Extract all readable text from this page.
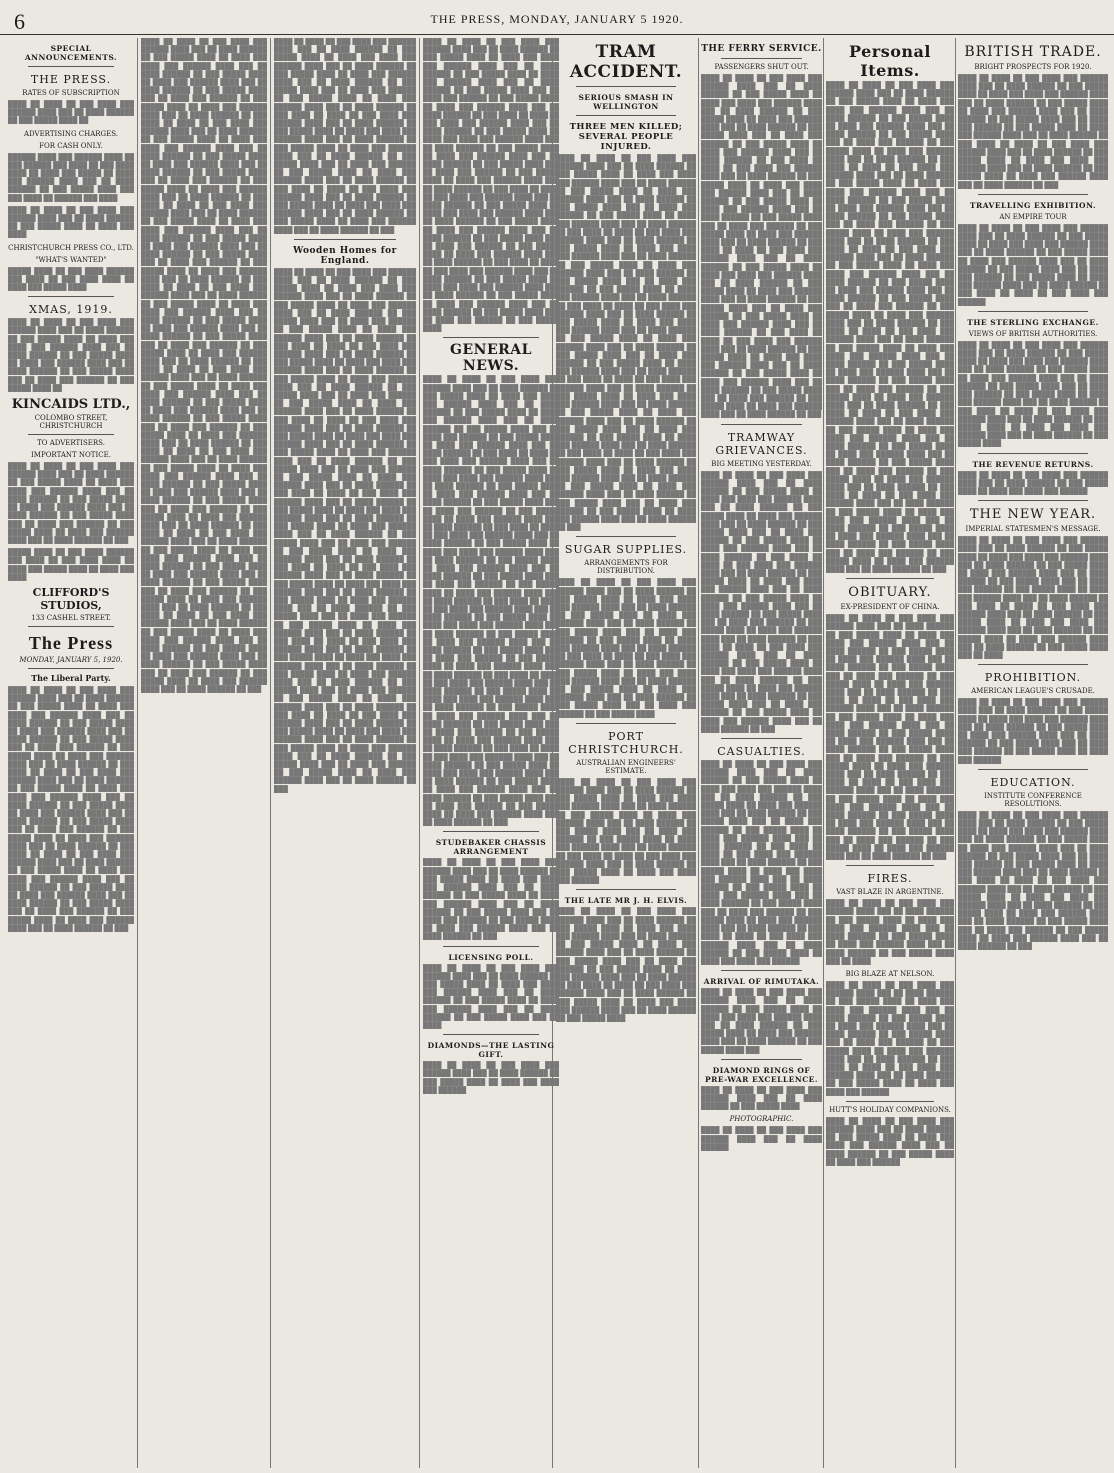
6	THE PRESS, MONDAY, JANUARY 5 1920.
SPECIAL ANNOUNCEMENTS.
THE PRESS.
RATES OF SUBSCRIPTION
████ ██ ████ ██ ███ ████ ███ ██████ ████ ███ ██ ████ ██████ ██ ███ █████ ████ ██
ADVERTISING CHARGES.
FOR CASH ONLY.
██████ ████ ███ ██████ ████ ██ ███ ██████ ███ ████ ██ ███ ████ ████ ██ ████ ███ █████ ██ ████ ███ ██████ ████ ███ ██ ████ ██████ ██ ███ █████ ████ ███ ███ ████ ██ ██████ ███ ████
████ ██ ████ ██ ███ ████ ███ ██████ ████ ███ ██ ████ ██████ ██ ███ █████ ████ ██ ████ ███ ████
CHRISTCHURCH PRESS CO., LTD.
"WHAT'S WANTED"
█████ ████ ██ ███ ████ ██████ ███ ████ ██ ███ ████ ████ ██ ████ ███ █████ ████
XMAS, 1919.
████ ██ ████ ██ ███ ████ ███ ██████ ████ ███ ██ ████ ██████ ██ ███ █████ ████ ██ ████ ███ ████ ███ ██████ ████ ███ ██ ████ ██████ ██ ███ █████ ████ ██ ████ ███ ██████ ████ ███ ██ ████ ██████ ██ ███ █████ ████ ███ ██ ████ ███ ██████ ██ ███ █████ ████ ██
KINCAIDS LTD.,
COLOMBO STREET, CHRISTCHURCH
TO ADVERTISERS.
IMPORTANT NOTICE.
████ ██ ████ ██ ███ ████ ███ ██████ ████ ███ ██ ████ ██████ ██ ███ █████ ████ ██ ████ ███ ████ ███ ██████ ████ ███ ██ ████ ██████ ██ ███ █████ ████ ██ ████ ███ ██████ ████ ███ ██ ████ ██████ ██ ███ █████ ████ ███ ██ ████ ███ ██████ ██ ███ █████ ████ ██ ████ ███ ██████ ████ ███ ██ ████ ██████ ██ ███
█████ ████ ██ ███ ████ ██████ ███ ████ ██ ███ ████ ████ ██ ████ ███ █████ ████ ██ ████ ███ ████
CLIFFORD'S STUDIOS,
133 CASHEL STREET.
The Press
MONDAY, JANUARY 5, 1920.
The Liberal Party.
████ ██ ████ ██ ███ ████ ███ ██████ ████ ███ ██ ████ ██████ ██ ███ █████ ████ ██ ████ ███ ████ ███ ██████ ████ ███ ██ ████ ██████ ██ ███ █████ ████ ██ ████ ███ ██████ ████ ███ ██ ████ ██████ ██ ███ █████ ████ ███ ██ ████ ███ ██████ ██ ███ █████ ████ ██ ████ ███ ██████ ████ ███ ██ ████ ██████ ██ ███ ████ ██ ████ ██ ███ ████ ███ ██████ ████ ███ ██ ████ ██████ ██ ███ █████ ████ ██ ████ ███ ████ ███ ██████ ████ ███ ██ ████ ██████ ██ ███ █████ ████ ██ ████ ███ ██████ ████ ███ ██ ████ ██████ ██ ███ █████ ████ ███ ██ ████ ███ ██████ ██ ███ █████ ████ ██ ████ ███ ██████ ████ ███ ██ ████ ██████ ██ ███ ████ ██ ████ ██ ███ ████ ███ ██████ ████ ███ ██ ████ ██████ ██ ███ █████ ████ ██ ████ ███ ████ ███ ██████ ████ ███ ██ ████ ██████ ██ ███ █████ ████ ██ ████ ███ ██████ ████ ███ ██ ████ ██████ ██ ███ █████ ████ ███ ██ ████ ███ ██████ ██ ███ █████ ████ ██ ████ ███ ██████ ████ ███ ██ ████ ██████ ██ ███
████ ██ ████ ██ ███ ████ ███ ██████ ████ ███ ██ ████ ██████ ██ ███ █████ ████ ██ ████ ███ ████ ███ ██████ ████ ███ ██ ████ ██████ ██ ███ █████ ████ ██ ████ ███ ██████ ████ ███ ██ ████ ██████ ██ ███ █████ ████ ███ ██ ████ ███ ██████ ██ ███ █████ ████ ██ ████ ███ ██████ ████ ███ ██ ████ ██████ ██ ███ ████ ██ ████ ██ ███ ████ ███ ██████ ████ ███ ██ ████ ██████ ██ ███ █████ ████ ██ ████ ███ ████ ███ ██████ ████ ███ ██ ████ ██████ ██ ███ █████ ████ ██ ████ ███ ██████ ████ ███ ██ ████ ██████ ██ ███ █████ ████ ███ ██ ████ ███ ██████ ██ ███ █████ ████ ██ ████ ███ ██████ ████ ███ ██ ████ ██████ ██ ███ ████ ██ ████ ██ ███ ████ ███ ██████ ████ ███ ██ ████ ██████ ██ ███ █████ ████ ██ ████ ███ ████ ███ ██████ ████ ███ ██ ████ ██████ ██ ███ █████ ████ ██ ████ ███ ██████ ████ ███ ██ ████ ██████ ██ ███ █████ ████ ███ ██ ████ ███ ██████ ██ ███ █████ ████ ██ ████ ███ ██████ ████ ███ ██ ████ ██████ ██ ███ ████ ██ ████ ██ ███ ████ ███ ██████ ████ ███ ██ ████ ██████ ██ ███ █████ ████ ██ ████ ███ ████ ███ ██████ ████ ███ ██ ████ ██████ ██ ███ █████ ████ ██ ████ ███ ██████ ████ ███ ██ ████ ██████ ██ ███ █████ ████ ███ ██ ████ ███ ██████ ██ ███ █████ ████ ██ ████ ███ ██████ ████ ███ ██ ████ ██████ ██ ███ ████ ██ ████ ██ ███ ████ ███ ██████ ████ ███ ██ ████ ██████ ██ ███ █████ ████ ██ ████ ███ ████ ███ ██████ ████ ███ ██ ████ ██████ ██ ███ █████ ████ ██ ████ ███ ██████ ████ ███ ██ ████ ██████ ██ ███ █████ ████ ███ ██ ████ ███ ██████ ██ ███ █████ ████ ██ ████ ███ ██████ ████ ███ ██ ████ ██████ ██ ███ ████ ██ ████ ██ ███ ████ ███ ██████ ████ ███ ██ ████ ██████ ██ ███ █████ ████ ██ ████ ███ ████ ███ ██████ ████ ███ ██ ████ ██████ ██ ███ █████ ████ ██ ████ ███ ██████ ████ ███ ██ ████ ██████ ██ ███ █████ ████ ███ ██ ████ ███ ██████ ██ ███ █████ ████ ██ ████ ███ ██████ ████ ███ ██ ████ ██████ ██ ███ ████ ██ ████ ██ ███ ████ ███ ██████ ████ ███ ██ ████ ██████ ██ ███ █████ ████ ██ ████ ███ ████ ███ ██████ ████ ███ ██ ████ ██████ ██ ███ █████ ████ ██ ████ ███ ██████ ████ ███ ██ ████ ██████ ██ ███ █████ ████ ███ ██ ████ ███ ██████ ██ ███ █████ ████ ██ ████ ███ ██████ ████ ███ ██ ████ ██████ ██ ███ ████ ██ ████ ██ ███ ████ ███ ██████ ████ ███ ██ ████ ██████ ██ ███ █████ ████ ██ ████ ███ ████ ███ ██████ ████ ███ ██ ████ ██████ ██ ███ █████ ████ ██ ████ ███ ██████ ████ ███ ██ ████ ██████ ██ ███ █████ ████ ███ ██ ████ ███ ██████ ██ ███ █████ ████ ██ ████ ███ ██████ ████ ███ ██ ████ ██████ ██ ███
████ ██ ████ ██ ███ ████ ███ ██████ ████ ███ ██ ████ ██████ ██ ███ █████ ████ ██ ████ ███ ████ ███ ██████ ████ ███ ██ ████ ██████ ██ ███ █████ ████ ██ ████ ███ ██████ ████ ███ ██ ████ ██████ ██ ███ █████ ████ ███ ██ ████ ███ ██████ ██ ███ █████ ████ ██ ████ ███ ██████ ████ ███ ██ ████ ██████ ██ ███ ████ ██ ████ ██ ███ ████ ███ ██████ ████ ███ ██ ████ ██████ ██ ███ █████ ████ ██ ████ ███ ████ ███ ██████ ████ ███ ██ ████ ██████ ██ ███ █████ ████ ██ ████ ███ ██████ ████ ███ ██ ████ ██████ ██ ███ █████ ████ ███ ██ ████ ███ ██████ ██ ███ █████ ████ ██ ████ ███ ██████ ████ ███ ██ ████ ██████ ██ ███ ████ ██ ████ ██ ███ ████ ███ ██████ ████ ███ ██ ████ ██████ ██ ███ █████ ████ ██ ████ ███ ████ ███ ██████ ████ ███ ██ ████ ██████ ██ ███ █████ ████ ██ ████ ███ ██████ ████ ███ ██ ████ ██████ ██ ███
Wooden Homes for England.
████ ██ ████ ██ ███ ████ ███ ██████ ████ ███ ██ ████ ██████ ██ ███ █████ ████ ██ ████ ███ ████ ███ ██████ ████ ███ ██ ████ ██████ ██ ███ █████ ████ ██ ████ ███ ██████ ████ ███ ██ ████ ██████ ██ ███ █████ ████ ███ ██ ████ ███ ██████ ██ ███ █████ ████ ██ ████ ███ ██████ ████ ███ ██ ████ ██████ ██ ███ ████ ██ ████ ██ ███ ████ ███ ██████ ████ ███ ██ ████ ██████ ██ ███ █████ ████ ██ ████ ███ ████ ███ ██████ ████ ███ ██ ████ ██████ ██ ███ █████ ████ ██ ████ ███ ██████ ████ ███ ██ ████ ██████ ██ ███ █████ ████ ███ ██ ████ ███ ██████ ██ ███ █████ ████ ██ ████ ███ ██████ ████ ███ ██ ████ ██████ ██ ███ ████ ██ ████ ██ ███ ████ ███ ██████ ████ ███ ██ ████ ██████ ██ ███ █████ ████ ██ ████ ███ ████ ███ ██████ ████ ███ ██ ████ ██████ ██ ███ █████ ████ ██ ████ ███ ██████ ████ ███ ██ ████ ██████ ██ ███ █████ ████ ███ ██ ████ ███ ██████ ██ ███ █████ ████ ██ ████ ███ ██████ ████ ███ ██ ████ ██████ ██ ███ ████ ██ ████ ██ ███ ████ ███ ██████ ████ ███ ██ ████ ██████ ██ ███ █████ ████ ██ ████ ███ ████ ███ ██████ ████ ███ ██ ████ ██████ ██ ███ █████ ████ ██ ████ ███ ██████ ████ ███ ██ ████ ██████ ██ ███ █████ ████ ███ ██ ████ ███ ██████ ██ ███ █████ ████ ██ ████ ███ ██████ ████ ███ ██ ████ ██████ ██ ███ ████ ██ ████ ██ ███ ████ ███ ██████ ████ ███ ██ ████ ██████ ██ ███ █████ ████ ██ ████ ███ ████ ███ ██████ ████ ███ ██ ████ ██████ ██ ███ █████ ████ ██ ████ ███ ██████ ████ ███ ██ ████ ██████ ██ ███ █████ ████ ███ ██ ████ ███ ██████ ██ ███ █████ ████ ██ ████ ███ ██████ ████ ███ ██ ████ ██████ ██ ███ ████ ██ ████ ██ ███ ████ ███ ██████ ████ ███ ██ ████ ██████ ██ ███ █████ ████ ██ ████ ███ ████ ███ ██████ ████ ███ ██ ████ ██████ ██ ███ █████ ████ ██ ████ ███ ██████ ████ ███ ██ ████ ██████ ██ ███ █████ ████ ███ ██ ████ ███ ██████ ██ ███ █████ ████ ██ ████ ███ ██████ ████ ███ ██ ████ ██████ ██ ███ ████ ██ ████ ██ ███ ████ ███ ██████ ████ ███ ██ ████ ██████ ██ ███ █████ ████ ██ ████ ███ ████ ███ ██████ ████ ███ ██ ████ ██████ ██ ███ █████ ████ ██ ████ ███ ██████ ████ ███ ██ ████ ██████ ██ ███ █████ ████ ███ ██ ████ ███ ██████ ██ ███ █████ ████ ██ ████ ███ ██████ ████ ███ ██ ████ ██████ ██ ███
████ ██ ████ ██ ███ ████ ███ ██████ ████ ███ ██ ████ ██████ ██ ███ █████ ████ ██ ████ ███ ████ ███ ██████ ████ ███ ██ ████ ██████ ██ ███ █████ ████ ██ ████ ███ ██████ ████ ███ ██ ████ ██████ ██ ███ █████ ████ ███ ██ ████ ███ ██████ ██ ███ █████ ████ ██ ████ ███ ██████ ████ ███ ██ ████ ██████ ██ ███ ████ ██ ████ ██ ███ ████ ███ ██████ ████ ███ ██ ████ ██████ ██ ███ █████ ████ ██ ████ ███ ████ ███ ██████ ████ ███ ██ ████ ██████ ██ ███ █████ ████ ██ ████ ███ ██████ ████ ███ ██ ████ ██████ ██ ███ █████ ████ ███ ██ ████ ███ ██████ ██ ███ █████ ████ ██ ████ ███ ██████ ████ ███ ██ ████ ██████ ██ ███ ████ ██ ████ ██ ███ ████ ███ ██████ ████ ███ ██ ████ ██████ ██ ███ █████ ████ ██ ████ ███ ████ ███ ██████ ████ ███ ██ ████ ██████ ██ ███ █████ ████ ██ ████ ███ ██████ ████ ███ ██ ████ ██████ ██ ███ █████ ████ ███ ██ ████ ███ ██████ ██ ███ █████ ████ ██ ████ ███ ██████ ████ ███ ██ ████ ██████ ██ ███ ████ ██ ████ ██ ███ ████ ███ ██████ ████ ███ ██ ████ ██████ ██ ███ █████ ████ ██ ████ ███ ████ ███ ██████ ████ ███ ██ ████ ██████ ██ ███ █████ ████ ██ ████ ███ ██████ ████ ███ ██ ████ ██████ ██ ███ █████ ████ ███ ██ ████ ███ ██████ ██ ███ █████ ████
GENERAL NEWS.
████ ██ ████ ██ ███ ████ ███ ██████ ████ ███ ██ ████ ██████ ██ ███ █████ ████ ██ ████ ███ ████ ███ ██████ ████ ███ ██ ████ ██████ ██ ███ █████ ████ ██ ████ ███ ██████ ████ ███ ██ ████ ██████ ██ ███ █████ ████ ███ ██ ████ ███ ██████ ██ ███ █████ ████ ██ ████ ███ ██████ ████ ███ ██ ████ ██████ ██ ███ ████ ██ ████ ██ ███ ████ ███ ██████ ████ ███ ██ ████ ██████ ██ ███ █████ ████ ██ ████ ███ ████ ███ ██████ ████ ███ ██ ████ ██████ ██ ███ █████ ████ ██ ████ ███ ██████ ████ ███ ██ ████ ██████ ██ ███ █████ ████ ███ ██ ████ ███ ██████ ██ ███ █████ ████ ██ ████ ███ ██████ ████ ███ ██ ████ ██████ ██ ███ ████ ██ ████ ██ ███ ████ ███ ██████ ████ ███ ██ ████ ██████ ██ ███ █████ ████ ██ ████ ███ ████ ███ ██████ ████ ███ ██ ████ ██████ ██ ███ █████ ████ ██ ████ ███ ██████ ████ ███ ██ ████ ██████ ██ ███ █████ ████ ███ ██ ████ ███ ██████ ██ ███ █████ ████ ██ ████ ███ ██████ ████ ███ ██ ████ ██████ ██ ███ ████ ██ ████ ██ ███ ████ ███ ██████ ████ ███ ██ ████ ██████ ██ ███ █████ ████ ██ ████ ███ ████ ███ ██████ ████ ███ ██ ████ ██████ ██ ███ █████ ████ ██ ████ ███ ██████ ████ ███ ██ ████ ██████ ██ ███ █████ ████ ███ ██ ████ ███ ██████ ██ ███ █████ ████ ██ ████ ███ ██████ ████ ███ ██ ████ ██████ ██ ███ ████ ██ ████ ██ ███ ████ ███ ██████ ████ ███ ██ ████ ██████ ██ ███ █████ ████ ██ ████ ███ ████ ███ ██████ ████ ███ ██ ████ ██████ ██ ███ █████ ████ ██ ████ ███ ██████ ████ ███ ██ ████ ██████ ██ ███ █████ ████ ███ ██ ████ ███ ██████ ██ ███ █████ ████ ██ ████ ███ ██████ ████ ███ ██ ████ ██████ ██ ███ ████ ██ ████ ██ ███ ████ ███ ██████ ████ ███ ██ ████ ██████ ██ ███ █████ ████ ██ ████ ███ ████ ███ ██████ ████ ███ ██ ████ ██████ ██ ███ █████ ████ ██ ████ ███ ██████ ████ ███ ██ ████ ██████ ██ ███ █████ ████ ███ ██ ████ ███ ██████ ██ ███ █████ ████ ██ ████ ███ ██████ ████ ███ ██ ████ ██████ ██ ███
STUDEBAKER CHASSIS ARRANGEMENT
████ ██ ████ ██ ███ ████ ███ ██████ ████ ███ ██ ████ ██████ ██ ███ █████ ████ ██ ████ ███ ████ ███ ██████ ████ ███ ██ ████ ██████ ██ ███ █████ ████ ██ ████ ███ ██████ ████ ███ ██ ████ ██████ ██ ███ █████ ████ ███ ██ ████ ███ ██████ ██ ███ █████ ████ ██ ████ ███ ██████ ████ ███ ██ ████ ██████ ██ ███
LICENSING POLL.
████ ██ ████ ██ ███ ████ ███ ██████ ████ ███ ██ ████ ██████ ██ ███ █████ ████ ██ ████ ███ ████ ███ ██████ ████ ███ ██ ████ ██████ ██ ███ █████ ████ ██ ████ ███ ██████ ████ ███ ██ ████ ██████ ██ ███ █████ ████ ███ ██ ████
DIAMONDS—THE LASTING GIFT.
████ ██ ████ ██ ███ ████ ███ ██████ ████ ███ ██ ████ ██████ ██ ███ █████ ████ ██ ████ ███ ████ ███ ██████
TRAM ACCIDENT.
SERIOUS SMASH IN WELLINGTON
THREE MEN KILLED; SEVERAL PEOPLE INJURED.
████ ██ ████ ██ ███ ████ ███ ██████ ████ ███ ██ ████ ██████ ██ ███ █████ ████ ██ ████ ███ ████ ███ ██████ ████ ███ ██ ████ ██████ ██ ███ █████ ████ ██ ████ ███ ██████ ████ ███ ██ ████ ██████ ██ ███ █████ ████ ███ ██ ████ ███ ██████ ██ ███ █████ ████ ██ ████ ███ ██████ ████ ███ ██ ████ ██████ ██ ███ ████ ██ ████ ██ ███ ████ ███ ██████ ████ ███ ██ ████ ██████ ██ ███ █████ ████ ██ ████ ███ ████ ███ ██████ ████ ███ ██ ████ ██████ ██ ███ █████ ████ ██ ████ ███ ██████ ████ ███ ██ ████ ██████ ██ ███ █████ ████ ███ ██ ████ ███ ██████ ██ ███ █████ ████ ██ ████ ███ ██████ ████ ███ ██ ████ ██████ ██ ███ ████ ██ ████ ██ ███ ████ ███ ██████ ████ ███ ██ ████ ██████ ██ ███ █████ ████ ██ ████ ███ ████ ███ ██████ ████ ███ ██ ████ ██████ ██ ███ █████ ████ ██ ████ ███ ██████ ████ ███ ██ ████ ██████ ██ ███ █████ ████ ███ ██ ████ ███ ██████ ██ ███ █████ ████ ██ ████ ███ ██████ ████ ███ ██ ████ ██████ ██ ███ ████ ██ ████ ██ ███ ████ ███ ██████ ████ ███ ██ ████ ██████ ██ ███ █████ ████ ██ ████ ███ ████ ███ ██████ ████ ███ ██ ████ ██████ ██ ███ █████ ████ ██ ████ ███ ██████ ████ ███ ██ ████ ██████ ██ ███ █████ ████ ███ ██ ████ ███ ██████ ██ ███ █████ ████ ██ ████ ███ ██████ ████ ███ ██ ████ ██████ ██ ███ ████ ██ ████ ██ ███ ████ ███ ██████ ████ ███ ██ ████ ██████ ██ ███ █████ ████ ██ ████ ███ ████ ███ ██████ ████ ███ ██ ████ ██████ ██ ███ █████ ████ ██ ████ ███ ██████ ████ ███ ██ ████ ██████ ██ ███ █████ ████ ███ ██ ████ ███ ██████ ██ ███ █████ ████ ██ ████ ███ ██████ ████ ███ ██ ████ ██████ ██ ███
SUGAR SUPPLIES.
ARRANGEMENTS FOR DISTRIBUTION.
████ ██ ████ ██ ███ ████ ███ ██████ ████ ███ ██ ████ ██████ ██ ███ █████ ████ ██ ████ ███ ████ ███ ██████ ████ ███ ██ ████ ██████ ██ ███ █████ ████ ██ ████ ███ ██████ ████ ███ ██ ████ ██████ ██ ███ █████ ████ ███ ██ ████ ███ ██████ ██ ███ █████ ████ ██ ████ ███ ██████ ████ ███ ██ ████ ██████ ██ ███ ████ ██ ████ ██ ███ ████ ███ ██████ ████ ███ ██ ████ ██████ ██ ███ █████ ████ ██ ████ ███ ████ ███ ██████ ████ ███ ██ ████ ██████ ██ ███ █████ ████ ██ ████ ███ ██████ ████ ███ ██ ████ ██████ ██ ███ █████ ████ ███ ██ ████ ███ ██████ ██ ███ █████ ████
PORT CHRISTCHURCH.
AUSTRALIAN ENGINEERS' ESTIMATE.
████ ██ ████ ██ ███ ████ ███ ██████ ████ ███ ██ ████ ██████ ██ ███ █████ ████ ██ ████ ███ ████ ███ ██████ ████ ███ ██ ████ ██████ ██ ███ █████ ████ ██ ████ ███ ██████ ████ ███ ██ ████ ██████ ██ ███ █████ ████ ███ ██ ████ ███ ██████ ██ ███ █████ ████ ██ ████ ███ ██████ ████ ███ ██ ████ ██████ ██ ███ ████ ██ ████ ██ ███ ████ ███ ██████ ████ ███ ██ ████ ██████ ██ ███ █████ ████ ██ ████ ███ ████ ███ ██████
THE LATE MR J. H. ELVIS.
████ ██ ████ ██ ███ ████ ███ ██████ ████ ███ ██ ████ ██████ ██ ███ █████ ████ ██ ████ ███ ████ ███ ██████ ████ ███ ██ ████ ██████ ██ ███ █████ ████ ██ ████ ███ ██████ ████ ███ ██ ████ ██████ ██ ███ █████ ████ ███ ██ ████ ███ ██████ ██ ███ █████ ████ ██ ████ ███ ██████ ████ ███ ██ ████ ██████ ██ ███ ████ ██ ████ ██ ███ ████ ███ ██████ ████ ███ ██ ████ ██████ ██ ███ █████ ████ ██ ████ ███ ████ ███ ██████ ████ ███ ██ ████ ██████ ██ ███ █████ ████
THE FERRY SERVICE.
PASSENGERS SHUT OUT.
████ ██ ████ ██ ███ ████ ███ ██████ ████ ███ ██ ████ ██████ ██ ███ █████ ████ ██ ████ ███ ████ ███ ██████ ████ ███ ██ ████ ██████ ██ ███ █████ ████ ██ ████ ███ ██████ ████ ███ ██ ████ ██████ ██ ███ █████ ████ ███ ██ ████ ███ ██████ ██ ███ █████ ████ ██ ████ ███ ██████ ████ ███ ██ ████ ██████ ██ ███ ████ ██ ████ ██ ███ ████ ███ ██████ ████ ███ ██ ████ ██████ ██ ███ █████ ████ ██ ████ ███ ████ ███ ██████ ████ ███ ██ ████ ██████ ██ ███ █████ ████ ██ ████ ███ ██████ ████ ███ ██ ████ ██████ ██ ███ █████ ████ ███ ██ ████ ███ ██████ ██ ███ █████ ████ ██ ████ ███ ██████ ████ ███ ██ ████ ██████ ██ ███ ████ ██ ████ ██ ███ ████ ███ ██████ ████ ███ ██ ████ ██████ ██ ███ █████ ████ ██ ████ ███ ████ ███ ██████ ████ ███ ██ ████ ██████ ██ ███ █████ ████ ██ ████ ███ ██████ ████ ███ ██ ████ ██████ ██ ███ █████ ████ ███ ██ ████ ███ ██████ ██ ███ █████ ████ ██ ████ ███ ██████ ████ ███ ██ ████ ██████ ██ ███ ████ ██ ████ ██ ███ ████ ███ ██████ ████ ███ ██ ████ ██████ ██ ███ █████ ████ ██ ████ ███ ████ ███ ██████ ████ ███ ██ ████ ██████ ██ ███ █████ ████ ██ ████ ███ ██████ ████ ███ ██ ████ ██████ ██ ███ █████ ████ ███ ██ ████ ███ ██████ ██ ███ █████ ████ ██ ████ ███ ██████ ████ ███ ██ ████ ██████ ██ ███
TRAMWAY GRIEVANCES.
BIG MEETING YESTERDAY.
████ ██ ████ ██ ███ ████ ███ ██████ ████ ███ ██ ████ ██████ ██ ███ █████ ████ ██ ████ ███ ████ ███ ██████ ████ ███ ██ ████ ██████ ██ ███ █████ ████ ██ ████ ███ ██████ ████ ███ ██ ████ ██████ ██ ███ █████ ████ ███ ██ ████ ███ ██████ ██ ███ █████ ████ ██ ████ ███ ██████ ████ ███ ██ ████ ██████ ██ ███ ████ ██ ████ ██ ███ ████ ███ ██████ ████ ███ ██ ████ ██████ ██ ███ █████ ████ ██ ████ ███ ████ ███ ██████ ████ ███ ██ ████ ██████ ██ ███ █████ ████ ██ ████ ███ ██████ ████ ███ ██ ████ ██████ ██ ███ █████ ████ ███ ██ ████ ███ ██████ ██ ███ █████ ████ ██ ████ ███ ██████ ████ ███ ██ ████ ██████ ██ ███ ████ ██ ████ ██ ███ ████ ███ ██████ ████ ███ ██ ████ ██████ ██ ███ █████ ████ ██ ████ ███ ████ ███ ██████ ████ ███ ██ ████ ██████ ██ ███ █████ ████ ██ ████ ███ ██████ ████ ███ ██ ████ ██████ ██ ███ █████ ████ ███ ██ ████ ███ ██████ ██ ███ █████ ████ ██ ████ ███ ██████ ████ ███ ██ ████ ██████ ██ ███
CASUALTIES.
████ ██ ████ ██ ███ ████ ███ ██████ ████ ███ ██ ████ ██████ ██ ███ █████ ████ ██ ████ ███ ████ ███ ██████ ████ ███ ██ ████ ██████ ██ ███ █████ ████ ██ ████ ███ ██████ ████ ███ ██ ████ ██████ ██ ███ █████ ████ ███ ██ ████ ███ ██████ ██ ███ █████ ████ ██ ████ ███ ██████ ████ ███ ██ ████ ██████ ██ ███ ████ ██ ████ ██ ███ ████ ███ ██████ ████ ███ ██ ████ ██████ ██ ███ █████ ████ ██ ████ ███ ████ ███ ██████ ████ ███ ██ ████ ██████ ██ ███ █████ ████ ██ ████ ███ ██████ ████ ███ ██ ████ ██████ ██ ███ █████ ████ ███ ██ ████ ███ ██████ ██ ███ █████ ████ ██ ████ ███ ██████ ████ ███ ██ ████ ██████ ██ ███ ████ ██ ████ ██ ███ ████ ███ ██████ ████ ███ ██ ████ ██████ ██ ███ █████ ████ ██ ████ ███ ████ ███ ██████
ARRIVAL OF RIMUTAKA.
████ ██ ████ ██ ███ ████ ███ ██████ ████ ███ ██ ████ ██████ ██ ███ █████ ████ ██ ████ ███ ████ ███ ██████ ████ ███ ██ ████ ██████ ██ ███ █████ ████ ██ ████ ███ ██████ ████ ███ ██ ████ ██████ ██ ███ █████ ████ ███
DIAMOND RINGS OF PRE-WAR EXCELLENCE.
████ ██ ████ ██ ███ ████ ███ ██████ ████ ███ ██ ████ ██████ ██ ███ █████ ████
PHOTOGRAPHIC.
████ ██ ████ ██ ███ ████ ███ ██████ ████ ███ ██ ████ ██████
Personal Items.
████ ██ ████ ██ ███ ████ ███ ██████ ████ ███ ██ ████ ██████ ██ ███ █████ ████ ██ ████ ███ ████ ███ ██████ ████ ███ ██ ████ ██████ ██ ███ █████ ████ ██ ████ ███ ██████ ████ ███ ██ ████ ██████ ██ ███ █████ ████ ███ ██ ████ ███ ██████ ██ ███ █████ ████ ██ ████ ███ ██████ ████ ███ ██ ████ ██████ ██ ███ ████ ██ ████ ██ ███ ████ ███ ██████ ████ ███ ██ ████ ██████ ██ ███ █████ ████ ██ ████ ███ ████ ███ ██████ ████ ███ ██ ████ ██████ ██ ███ █████ ████ ██ ████ ███ ██████ ████ ███ ██ ████ ██████ ██ ███ █████ ████ ███ ██ ████ ███ ██████ ██ ███ █████ ████ ██ ████ ███ ██████ ████ ███ ██ ████ ██████ ██ ███ ████ ██ ████ ██ ███ ████ ███ ██████ ████ ███ ██ ████ ██████ ██ ███ █████ ████ ██ ████ ███ ████ ███ ██████ ████ ███ ██ ████ ██████ ██ ███ █████ ████ ██ ████ ███ ██████ ████ ███ ██ ████ ██████ ██ ███ █████ ████ ███ ██ ████ ███ ██████ ██ ███ █████ ████ ██ ████ ███ ██████ ████ ███ ██ ████ ██████ ██ ███ ████ ██ ████ ██ ███ ████ ███ ██████ ████ ███ ██ ████ ██████ ██ ███ █████ ████ ██ ████ ███ ████ ███ ██████ ████ ███ ██ ████ ██████ ██ ███ █████ ████ ██ ████ ███ ██████ ████ ███ ██ ████ ██████ ██ ███ █████ ████ ███ ██ ████ ███ ██████ ██ ███ █████ ████ ██ ████ ███ ██████ ████ ███ ██ ████ ██████ ██ ███ ████ ██ ████ ██ ███ ████ ███ ██████ ████ ███ ██ ████ ██████ ██ ███ █████ ████ ██ ████ ███ ████ ███ ██████ ████ ███ ██ ████ ██████ ██ ███ █████ ████ ██ ████ ███ ██████ ████ ███ ██ ████ ██████ ██ ███ █████ ████ ███ ██ ████ ███ ██████ ██ ███ █████ ████ ██ ████ ███ ██████ ████ ███ ██ ████ ██████ ██ ███ ████ ██ ████ ██ ███ ████ ███ ██████ ████ ███ ██ ████ ██████ ██ ███ █████ ████ ██ ████ ███ ████ ███ ██████ ████ ███ ██ ████ ██████ ██ ███ █████ ████ ██ ████ ███ ██████ ████ ███ ██ ████ ██████ ██ ███ █████ ████ ███ ██ ████ ███ ██████ ██ ███ █████ ████ ██ ████ ███ ██████ ████ ███ ██ ████ ██████ ██ ███
OBITUARY.
EX-PRESIDENT OF CHINA.
████ ██ ████ ██ ███ ████ ███ ██████ ████ ███ ██ ████ ██████ ██ ███ █████ ████ ██ ████ ███ ████ ███ ██████ ████ ███ ██ ████ ██████ ██ ███ █████ ████ ██ ████ ███ ██████ ████ ███ ██ ████ ██████ ██ ███ █████ ████ ███ ██ ████ ███ ██████ ██ ███ █████ ████ ██ ████ ███ ██████ ████ ███ ██ ████ ██████ ██ ███ ████ ██ ████ ██ ███ ████ ███ ██████ ████ ███ ██ ████ ██████ ██ ███ █████ ████ ██ ████ ███ ████ ███ ██████ ████ ███ ██ ████ ██████ ██ ███ █████ ████ ██ ████ ███ ██████ ████ ███ ██ ████ ██████ ██ ███ █████ ████ ███ ██ ████ ███ ██████ ██ ███ █████ ████ ██ ████ ███ ██████ ████ ███ ██ ████ ██████ ██ ███ ████ ██ ████ ██ ███ ████ ███ ██████ ████ ███ ██ ████ ██████ ██ ███ █████ ████ ██ ████ ███ ████ ███ ██████ ████ ███ ██ ████ ██████ ██ ███ █████ ████ ██ ████ ███ ██████ ████ ███ ██ ████ ██████ ██ ███ █████ ████ ███ ██ ████ ███ ██████ ██ ███ █████ ████ ██ ████ ███ ██████ ████ ███ ██ ████ ██████ ██ ███
FIRES.
VAST BLAZE IN ARGENTINE.
████ ██ ████ ██ ███ ████ ███ ██████ ████ ███ ██ ████ ██████ ██ ███ █████ ████ ██ ████ ███ ████ ███ ██████ ████ ███ ██ ████ ██████ ██ ███ █████ ████ ██ ████ ███ ██████ ████ ███ ██ ████ ██████ ██ ███ █████ ████ ███ ██ ████
BIG BLAZE AT NELSON.
████ ██ ████ ██ ███ ████ ███ ██████ ████ ███ ██ ████ ██████ ██ ███ █████ ████ ██ ████ ███ ████ ███ ██████ ████ ███ ██ ████ ██████ ██ ███ █████ ████ ██ ████ ███ ██████ ████ ███ ██ ████ ██████ ██ ███ █████ ████ ███ ██ ████ ███ ██████ ██ ███ █████ ████ ██ ████ ███ ██████ ████ ███ ██ ████ ██████ ██ ███ ████ ██ ████ ██ ███ ████ ███ ██████ ████ ███ ██ ████ ██████ ██ ███ █████ ████ ██ ████ ███ ████ ███ ██████
HUTT'S HOLIDAY COMPANIONS.
████ ██ ████ ██ ███ ████ ███ ██████ ████ ███ ██ ████ ██████ ██ ███ █████ ████ ██ ████ ███ ████ ███ ██████ ████ ███ ██ ████ ██████ ██ ███ █████ ████ ██ ████ ███ ██████
BRITISH TRADE.
BRIGHT PROSPECTS FOR 1920.
████ ██ ████ ██ ███ ████ ███ ██████ ████ ███ ██ ████ ██████ ██ ███ █████ ████ ██ ████ ███ ████ ███ ██████ ████ ███ ██ ████ ██████ ██ ███ █████ ████ ██ ████ ███ ██████ ████ ███ ██ ████ ██████ ██ ███ █████ ████ ███ ██ ████ ███ ██████ ██ ███ █████ ████ ██ ████ ███ ██████ ████ ███ ██ ████ ██████ ██ ███ ████ ██ ████ ██ ███ ████ ███ ██████ ████ ███ ██ ████ ██████ ██ ███ █████ ████ ██ ████ ███ ████ ███ ██████ ████ ███ ██ ████ ██████ ██ ███ █████ ████ ██ ████ ███ ██████ ████ ███ ██ ████ ██████ ██ ███
TRAVELLING EXHIBITION.
AN EMPIRE TOUR
████ ██ ████ ██ ███ ████ ███ ██████ ████ ███ ██ ████ ██████ ██ ███ █████ ████ ██ ████ ███ ████ ███ ██████ ████ ███ ██ ████ ██████ ██ ███ █████ ████ ██ ████ ███ ██████ ████ ███ ██ ████ ██████ ██ ███ █████ ████ ███ ██ ████ ███ ██████ ██ ███ █████ ████ ██ ████ ███ ██████ ████ ███ ██ ████ ██████ ██ ███ ████ ██ ████ ██ ███ ████ ███ ██████
THE STERLING EXCHANGE.
VIEWS OF BRITISH AUTHORITIES.
████ ██ ████ ██ ███ ████ ███ ██████ ████ ███ ██ ████ ██████ ██ ███ █████ ████ ██ ████ ███ ████ ███ ██████ ████ ███ ██ ████ ██████ ██ ███ █████ ████ ██ ████ ███ ██████ ████ ███ ██ ████ ██████ ██ ███ █████ ████ ███ ██ ████ ███ ██████ ██ ███ █████ ████ ██ ████ ███ ██████ ████ ███ ██ ████ ██████ ██ ███ ████ ██ ████ ██ ███ ████ ███ ██████ ████ ███ ██ ████ ██████ ██ ███ █████ ████ ██ ████ ███ ████ ███ ██████ ████ ███ ██ ████ ██████ ██ ███ █████ ████
THE REVENUE RETURNS.
████ ██ ████ ██ ███ ████ ███ ██████ ████ ███ ██ ████ ██████ ██ ███ █████ ████ ██ ████ ███ ████ ███ ██████
THE NEW YEAR.
IMPERIAL STATESMEN'S MESSAGE.
████ ██ ████ ██ ███ ████ ███ ██████ ████ ███ ██ ████ ██████ ██ ███ █████ ████ ██ ████ ███ ████ ███ ██████ ████ ███ ██ ████ ██████ ██ ███ █████ ████ ██ ████ ███ ██████ ████ ███ ██ ████ ██████ ██ ███ █████ ████ ███ ██ ████ ███ ██████ ██ ███ █████ ████ ██ ████ ███ ██████ ████ ███ ██ ████ ██████ ██ ███ ████ ██ ████ ██ ███ ████ ███ ██████ ████ ███ ██ ████ ██████ ██ ███ █████ ████ ██ ████ ███ ████ ███ ██████ ████ ███ ██ ████ ██████ ██ ███ █████ ████ ██ ████ ███ ██████ ████ ███ ██ ████ ██████ ██ ███ █████ ████ ███ ██ ████
PROHIBITION.
AMERICAN LEAGUE'S CRUSADE.
████ ██ ████ ██ ███ ████ ███ ██████ ████ ███ ██ ████ ██████ ██ ███ █████ ████ ██ ████ ███ ████ ███ ██████ ████ ███ ██ ████ ██████ ██ ███ █████ ████ ██ ████ ███ ██████ ████ ███ ██ ████ ██████ ██ ███ █████ ████ ███ ██ ████ ███ ██████ ██ ███ █████ ████ ██ ████ ███ ██████
EDUCATION.
INSTITUTE CONFERENCE RESOLUTIONS.
████ ██ ████ ██ ███ ████ ███ ██████ ████ ███ ██ ████ ██████ ██ ███ █████ ████ ██ ████ ███ ████ ███ ██████ ████ ███ ██ ████ ██████ ██ ███ █████ ████ ██ ████ ███ ██████ ████ ███ ██ ████ ██████ ██ ███ █████ ████ ███ ██ ████ ███ ██████ ██ ███ █████ ████ ██ ████ ███ ██████ ████ ███ ██ ████ ██████ ██ ███ ████ ██ ████ ██ ███ ████ ███ ██████ ████ ███ ██ ████ ██████ ██ ███ █████ ████ ██ ████ ███ ████ ███ ██████ ████ ███ ██ ████ ██████ ██ ███ █████ ████ ██ ████ ███ ██████ ████ ███ ██ ████ ██████ ██ ███ █████ ████ ███ ██ ████ ███ ██████ ██ ███ █████ ████ ██ ████ ███ ██████ ████ ███ ██ ████ ██████ ██ ███
